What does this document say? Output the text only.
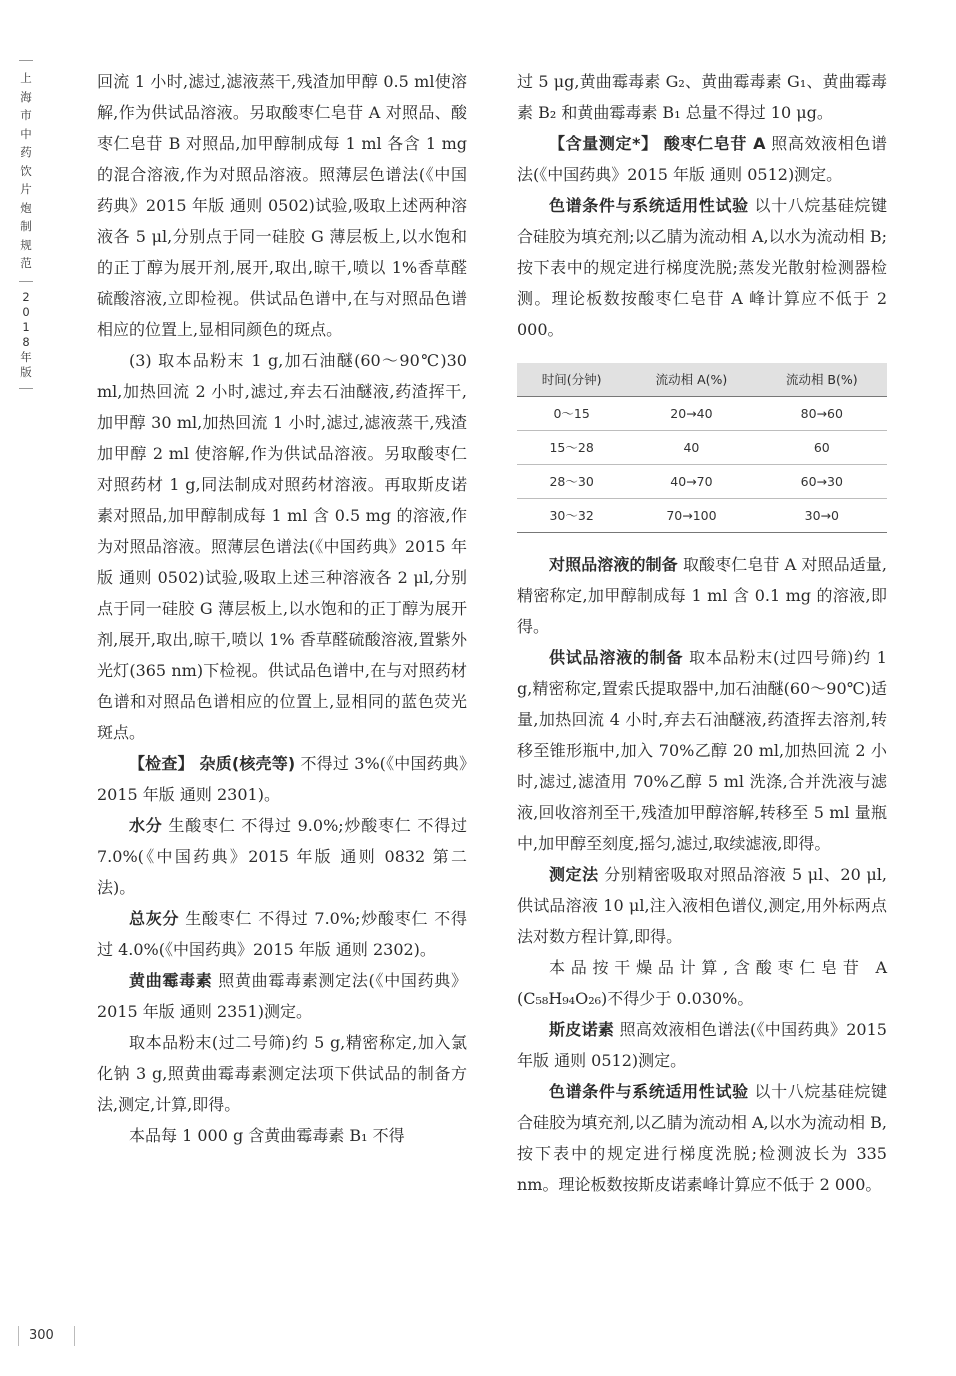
上海市中药饮片炮制规范
2018年版

回流 1 小时,滤过,滤液蒸干,残渣加甲醇 0.5 ml使溶解,作为供试品溶液。另取酸枣仁皂苷 A 对照品、酸枣仁皂苷 B 对照品,加甲醇制成每 1 ml 各含 1 mg 的混合溶液,作为对照品溶液。照薄层色谱法(《中国药典》2015 年版 通则 0502)试验,吸取上述两种溶液各 5 μl,分别点于同一硅胶 G 薄层板上,以水饱和的正丁醇为展开剂,展开,取出,晾干,喷以 1%香草醛硫酸溶液,立即检视。供试品色谱中,在与对照品色谱相应的位置上,显相同颜色的斑点。

(3) 取本品粉末 1 g,加石油醚(60～90℃)30 ml,加热回流 2 小时,滤过,弃去石油醚液,药渣挥干,加甲醇 30 ml,加热回流 1 小时,滤过,滤液蒸干,残渣加甲醇 2 ml 使溶解,作为供试品溶液。另取酸枣仁对照药材 1 g,同法制成对照药材溶液。再取斯皮诺素对照品,加甲醇制成每 1 ml 含 0.5 mg 的溶液,作为对照品溶液。照薄层色谱法(《中国药典》2015 年版 通则 0502)试验,吸取上述三种溶液各 2 μl,分别点于同一硅胶 G 薄层板上,以水饱和的正丁醇为展开剂,展开,取出,晾干,喷以 1% 香草醛硫酸溶液,置紫外光灯(365 nm)下检视。供试品色谱中,在与对照药材色谱和对照品色谱相应的位置上,显相同的蓝色荧光斑点。

【检查】 杂质(核壳等) 不得过 3%(《中国药典》2015 年版 通则 2301)。

水分 生酸枣仁 不得过 9.0%;炒酸枣仁 不得过 7.0%(《中国药典》2015 年版 通则 0832 第二法)。

总灰分 生酸枣仁 不得过 7.0%;炒酸枣仁 不得过 4.0%(《中国药典》2015 年版 通则 2302)。

黄曲霉毒素 照黄曲霉毒素测定法(《中国药典》2015 年版 通则 2351)测定。

取本品粉末(过二号筛)约 5 g,精密称定,加入氯化钠 3 g,照黄曲霉毒素测定法项下供试品的制备方法,测定,计算,即得。

本品每 1 000 g 含黄曲霉毒素 B₁ 不得

过 5 μg,黄曲霉毒素 G₂、黄曲霉毒素 G₁、黄曲霉毒素 B₂ 和黄曲霉毒素 B₁ 总量不得过 10 μg。

【含量测定*】 酸枣仁皂苷 A 照高效液相色谱法(《中国药典》2015 年版 通则 0512)测定。

色谱条件与系统适用性试验 以十八烷基硅烷键合硅胶为填充剂;以乙腈为流动相 A,以水为流动相 B;按下表中的规定进行梯度洗脱;蒸发光散射检测器检测。理论板数按酸枣仁皂苷 A 峰计算应不低于 2 000。

时间(分钟)	流动相 A(%)	流动相 B(%)
0～15	20→40	80→60
15～28	40	60
28～30	40→70	60→30
30～32	70→100	30→0

对照品溶液的制备 取酸枣仁皂苷 A 对照品适量,精密称定,加甲醇制成每 1 ml 含 0.1 mg 的溶液,即得。

供试品溶液的制备 取本品粉末(过四号筛)约 1 g,精密称定,置索氏提取器中,加石油醚(60～90℃)适量,加热回流 4 小时,弃去石油醚液,药渣挥去溶剂,转移至锥形瓶中,加入 70%乙醇 20 ml,加热回流 2 小时,滤过,滤渣用 70%乙醇 5 ml 洗涤,合并洗液与滤液,回收溶剂至干,残渣加甲醇溶解,转移至 5 ml 量瓶中,加甲醇至刻度,摇匀,滤过,取续滤液,即得。

测定法 分别精密吸取对照品溶液 5 μl、20 μl,供试品溶液 10 μl,注入液相色谱仪,测定,用外标两点法对数方程计算,即得。

本品按干燥品计算,含酸枣仁皂苷 A (C₅₈H₉₄O₂₆)不得少于 0.030%。

斯皮诺素 照高效液相色谱法(《中国药典》2015 年版 通则 0512)测定。

色谱条件与系统适用性试验 以十八烷基硅烷键合硅胶为填充剂,以乙腈为流动相 A,以水为流动相 B,按下表中的规定进行梯度洗脱;检测波长为 335 nm。理论板数按斯皮诺素峰计算应不低于 2 000。

300
